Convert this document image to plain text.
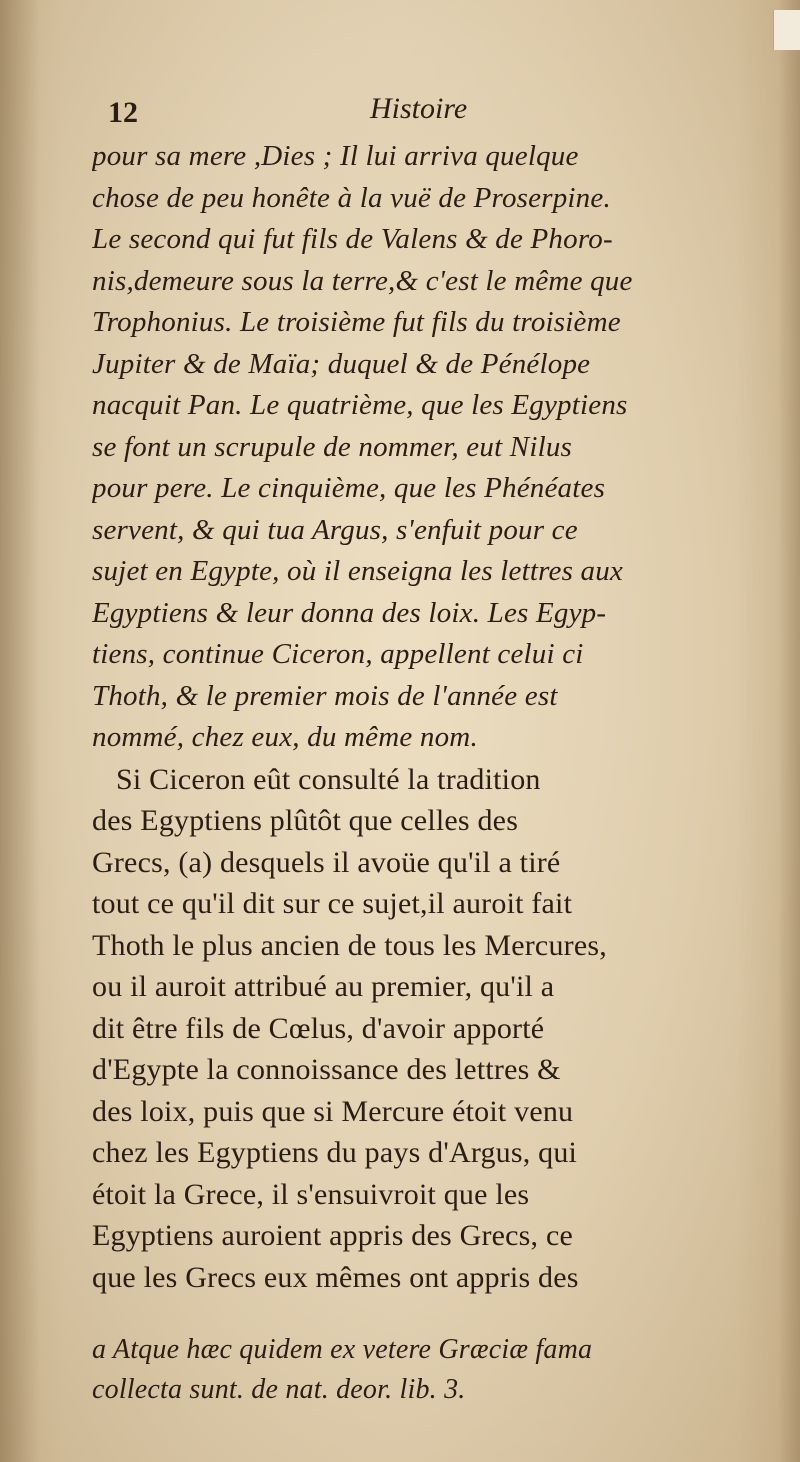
12	Histoire
pour sa mere ,Dies ; Il lui arriva quelque
chose de peu honête à la vuë de Proserpine.
Le second qui fut fils de Valens & de Phoro-
nis,demeure sous la terre,& c'est le même que
Trophonius. Le troisième fut fils du troisième
Jupiter & de Maïa; duquel & de Pénélope
nacquit Pan. Le quatrième, que les Egyptiens
se font un scrupule de nommer, eut Nilus
pour pere. Le cinquième, que les Phénéates
servent, & qui tua Argus, s'enfuit pour ce
sujet en Egypte, où il enseigna les lettres aux
Egyptiens & leur donna des loix. Les Egyp-
tiens, continue Ciceron, appellent celui ci
Thoth, & le premier mois de l'année est
nommé, chez eux, du même nom.
Si Ciceron eût consulté la tradition
des Egyptiens plûtôt que celles des
Grecs, (a) desquels il avoüe qu'il a tiré
tout ce qu'il dit sur ce sujet,il auroit fait
Thoth le plus ancien de tous les Mercures,
ou il auroit attribué au premier, qu'il a
dit être fils de Cœlus, d'avoir apporté
d'Egypte la connoissance des lettres &
des loix, puis que si Mercure étoit venu
chez les Egyptiens du pays d'Argus, qui
étoit la Grece, il s'ensuivroit que les
Egyptiens auroient appris des Grecs, ce
que les Grecs eux mêmes ont appris des
a Atque hæc quidem ex vetere Græciæ fama
collecta sunt. de nat. deor. lib. 3.
